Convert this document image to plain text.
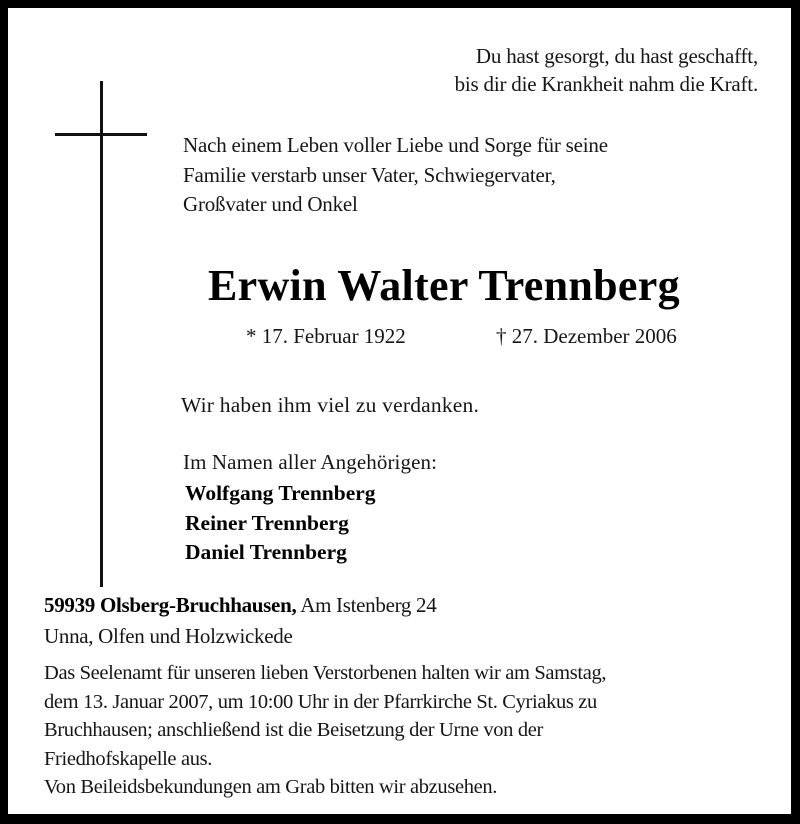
Du hast gesorgt, du hast geschafft,
bis dir die Krankheit nahm die Kraft.
Nach einem Leben voller Liebe und Sorge für seine
Familie verstarb unser Vater, Schwiegervater,
Großvater und Onkel
Erwin Walter Trennberg
* 17. Februar 1922	† 27. Dezember 2006
Wir haben ihm viel zu verdanken.
Im Namen aller Angehörigen:
Wolfgang Trennberg
Reiner Trennberg
Daniel Trennberg
59939 Olsberg-Bruchhausen, Am Istenberg 24
Unna, Olfen und Holzwickede
Das Seelenamt für unseren lieben Verstorbenen halten wir am Samstag,
dem 13. Januar 2007, um 10:00 Uhr in der Pfarrkirche St. Cyriakus zu
Bruchhausen; anschließend ist die Beisetzung der Urne von der
Friedhofskapelle aus.
Von Beileidsbekundungen am Grab bitten wir abzusehen.
